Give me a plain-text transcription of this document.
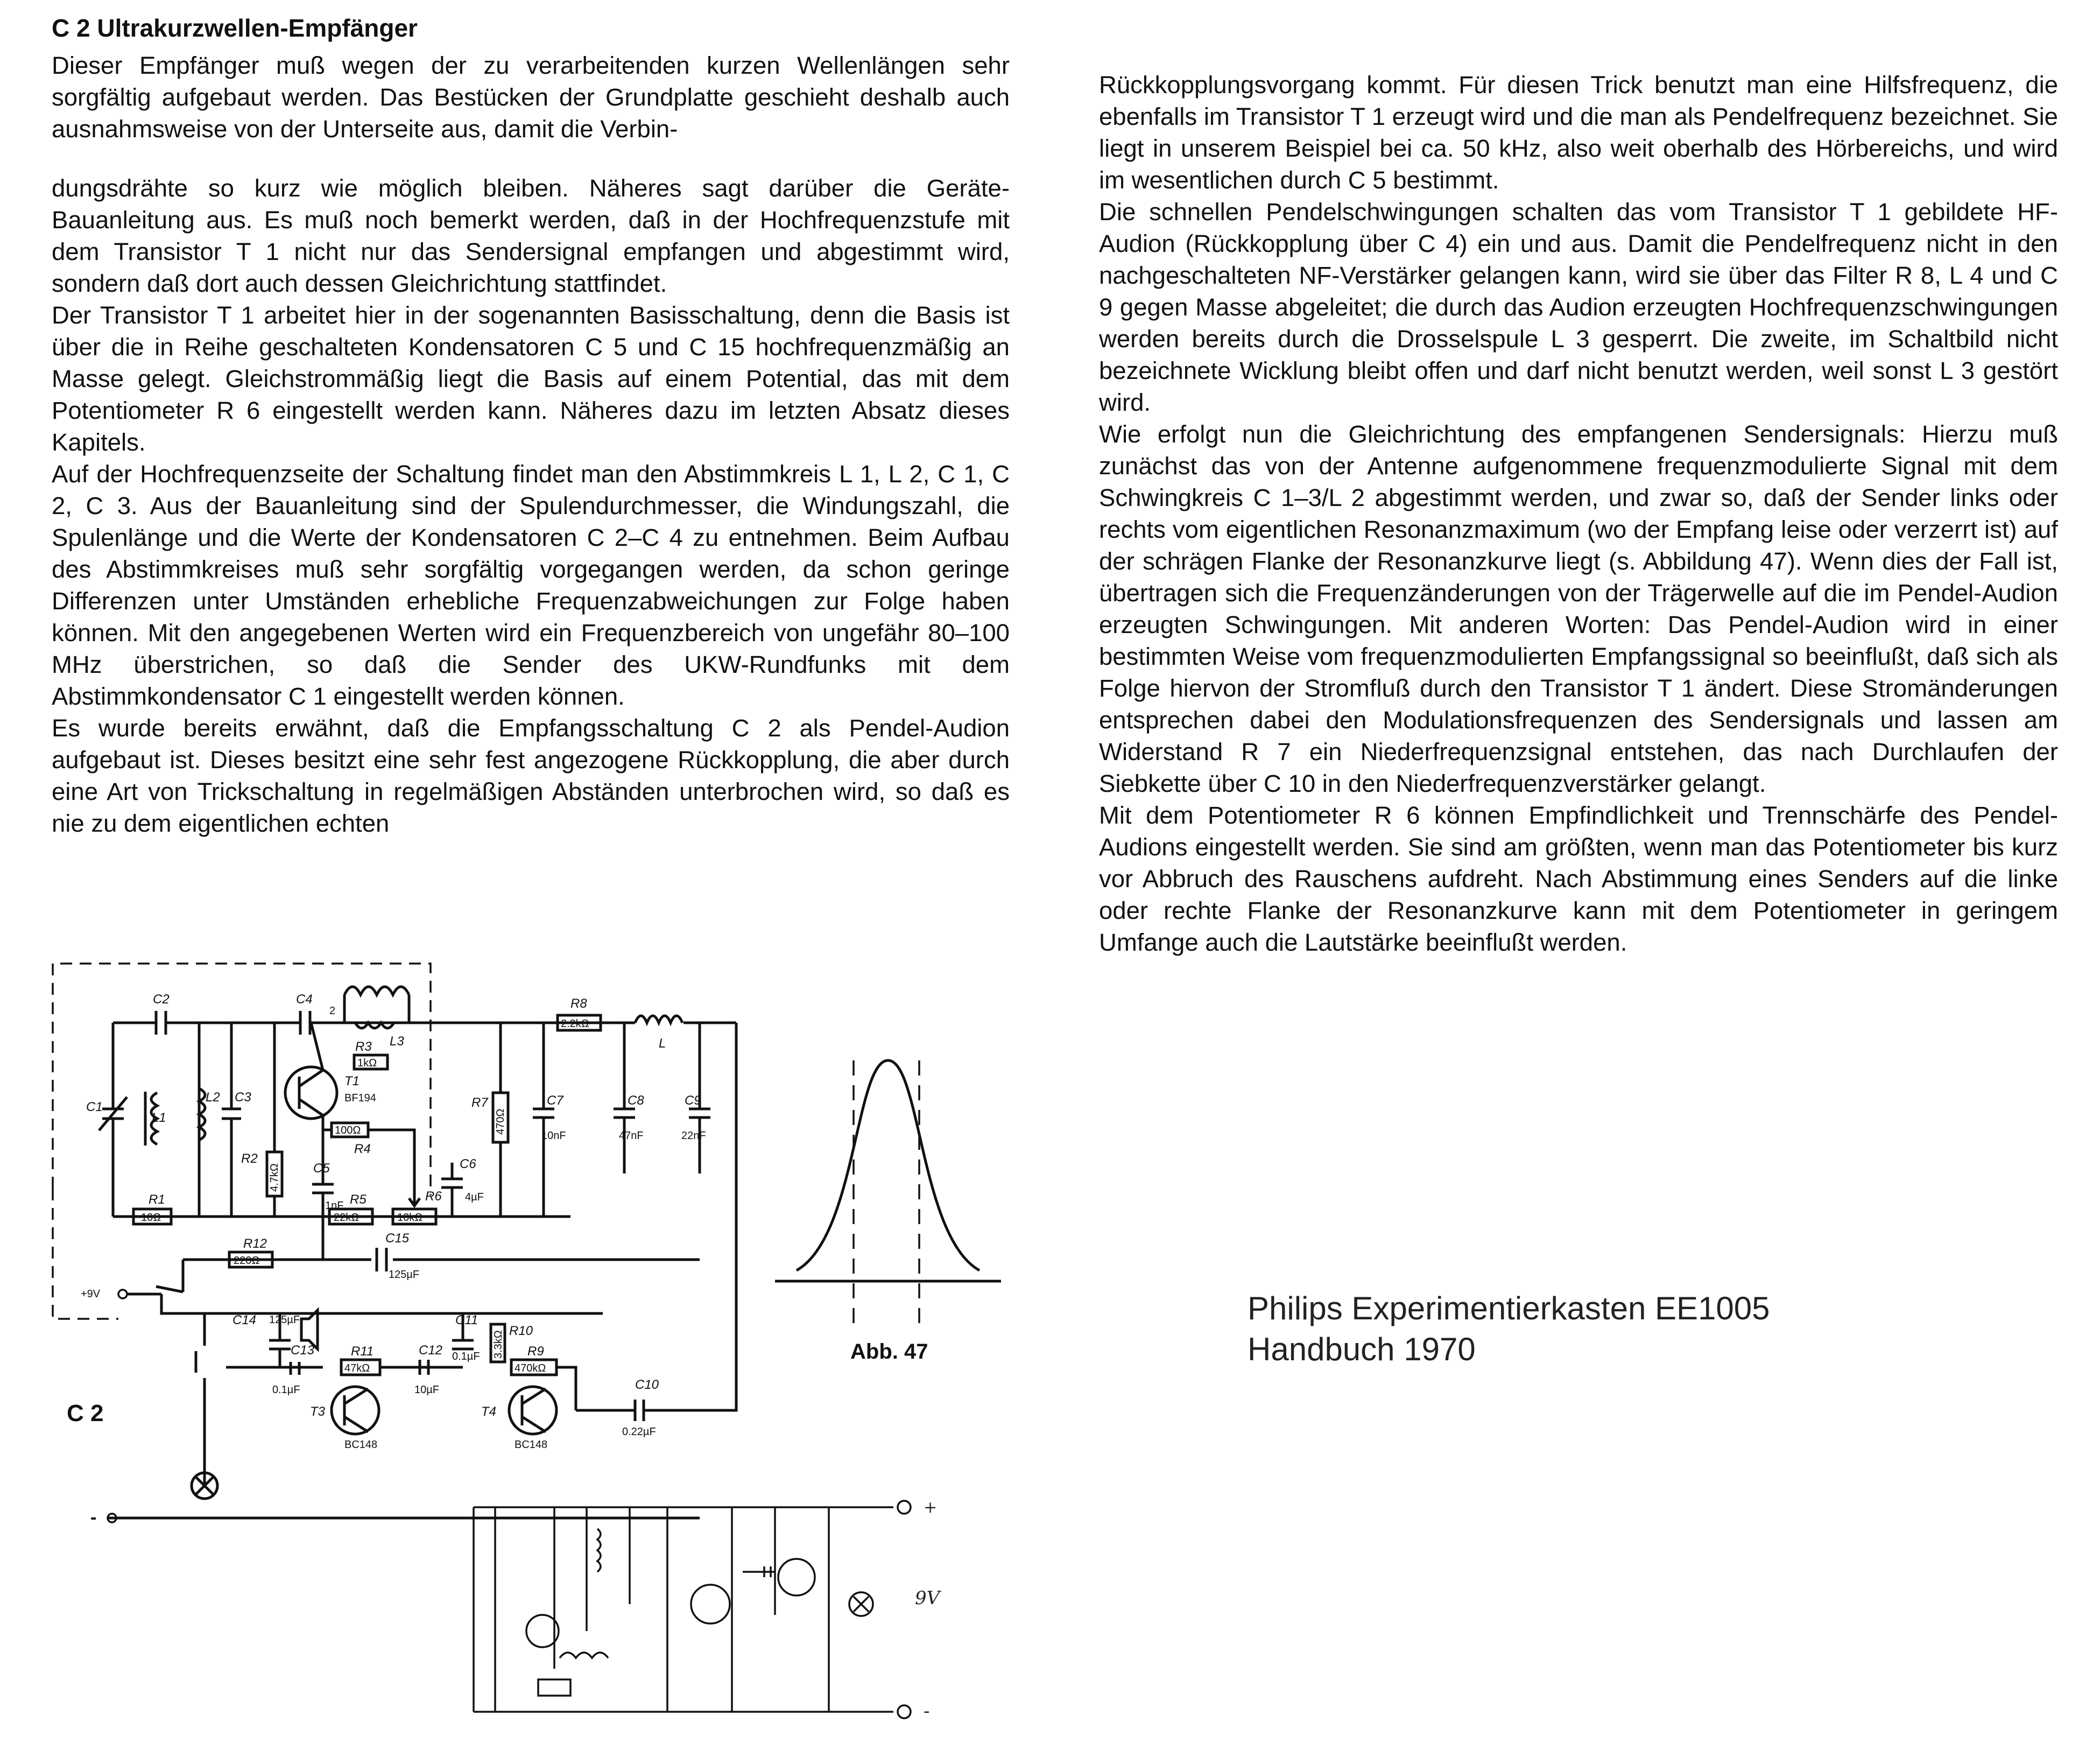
C 2 Ultrakurzwellen-Empfänger

Dieser Empfänger muß wegen der zu verarbeitenden kurzen Wellenlängen sehr sorgfältig aufgebaut werden. Das Bestücken der Grundplatte geschieht deshalb auch ausnahmsweise von der Unterseite aus, damit die Verbin-

dungsdrähte so kurz wie möglich bleiben. Näheres sagt darüber die Geräte-Bauanleitung aus. Es muß noch bemerkt werden, daß in der Hochfrequenzstufe mit dem Transistor T 1 nicht nur das Sendersignal empfangen und abgestimmt wird, sondern daß dort auch dessen Gleichrichtung stattfindet.

Der Transistor T 1 arbeitet hier in der sogenannten Basisschaltung, denn die Basis ist über die in Reihe geschalteten Kondensatoren C 5 und C 15 hochfrequenzmäßig an Masse gelegt. Gleichstrommäßig liegt die Basis auf einem Potential, das mit dem Potentiometer R 6 eingestellt werden kann. Näheres dazu im letzten Absatz dieses Kapitels.

Auf der Hochfrequenzseite der Schaltung findet man den Abstimmkreis L 1, L 2, C 1, C 2, C 3. Aus der Bauanleitung sind der Spulendurchmesser, die Windungszahl, die Spulenlänge und die Werte der Kondensatoren C 2–C 4 zu entnehmen. Beim Aufbau des Abstimmkreises muß sehr sorgfältig vorgegangen werden, da schon geringe Differenzen unter Umständen erhebliche Frequenzabweichungen zur Folge haben können. Mit den angegebenen Werten wird ein Frequenzbereich von ungefähr 80–100 MHz überstrichen, so daß die Sender des UKW-Rundfunks mit dem Abstimmkondensator C 1 eingestellt werden können.

Es wurde bereits erwähnt, daß die Empfangsschaltung C 2 als Pendel-Audion aufgebaut ist. Dieses besitzt eine sehr fest angezogene Rückkopplung, die aber durch eine Art von Trickschaltung in regelmäßigen Abständen unterbrochen wird, so daß es nie zu dem eigentlichen echten

Rückkopplungsvorgang kommt. Für diesen Trick benutzt man eine Hilfsfrequenz, die ebenfalls im Transistor T 1 erzeugt wird und die man als Pendelfrequenz bezeichnet. Sie liegt in unserem Beispiel bei ca. 50 kHz, also weit oberhalb des Hörbereichs, und wird im wesentlichen durch C 5 bestimmt.

Die schnellen Pendelschwingungen schalten das vom Transistor T 1 gebildete HF-Audion (Rückkopplung über C 4) ein und aus. Damit die Pendelfrequenz nicht in den nachgeschalteten NF-Verstärker gelangen kann, wird sie über das Filter R 8, L 4 und C 9 gegen Masse abgeleitet; die durch das Audion erzeugten Hochfrequenzschwingungen werden bereits durch die Drosselspule L 3 gesperrt. Die zweite, im Schaltbild nicht bezeichnete Wicklung bleibt offen und darf nicht benutzt werden, weil sonst L 3 gestört wird.

Wie erfolgt nun die Gleichrichtung des empfangenen Sendersignals: Hierzu muß zunächst das von der Antenne aufgenommene frequenzmodulierte Signal mit dem Schwingkreis C 1–3/L 2 abgestimmt werden, und zwar so, daß der Sender links oder rechts vom eigentlichen Resonanzmaximum (wo der Empfang leise oder verzerrt ist) auf der schrägen Flanke der Resonanzkurve liegt (s. Abbildung 47). Wenn dies der Fall ist, übertragen sich die Frequenzänderungen von der Trägerwelle auf die im Pendel-Audion erzeugten Schwingungen. Mit anderen Worten: Das Pendel-Audion wird in einer bestimmten Weise vom frequenzmodulierten Empfangssignal so beeinflußt, daß sich als Folge hiervon der Stromfluß durch den Transistor T 1 ändert. Diese Stromänderungen entsprechen dabei den Modulationsfrequenzen des Sendersignals und lassen am Widerstand R 7 ein Niederfrequenzsignal entstehen, das nach Durchlaufen der Siebkette über C 10 in den Niederfrequenzverstärker gelangt.

Mit dem Potentiometer R 6 können Empfindlichkeit und Trennschärfe des Pendel-Audions eingestellt werden. Sie sind am größten, wenn man das Potentiometer bis kurz vor Abbruch des Rauschens aufdreht. Nach Abstimmung eines Senders auf die linke oder rechte Flanke der Resonanzkurve kann mit dem Potentiometer in geringem Umfange auch die Lautstärke beeinflußt werden.

C2	C4
2
L3
1kΩ
R3
2.2kΩ
R8
L
C1
L1
L2 C3
10Ω
R1
T1
BF194
4.7kΩ
R2
100Ω
R4
C5
1nF
C6
4µF
22kΩ
R5
10kΩ
R6
470Ω
R7	C7
10nF
C8
47nF
C9
22nF
220Ω
R12	C15
125µF
+9V
-
C 2
C14 125µF
C13
0.1µF
47kΩ
R11
T3
BC148
C12
10µF
C11
0.1µF 3.3kΩ R10
470kΩ
R9
T4
BC148
C10
0.22µF
Abb. 47
+
9V
-
Philips Experimentierkasten EE1005
Handbuch 1970
